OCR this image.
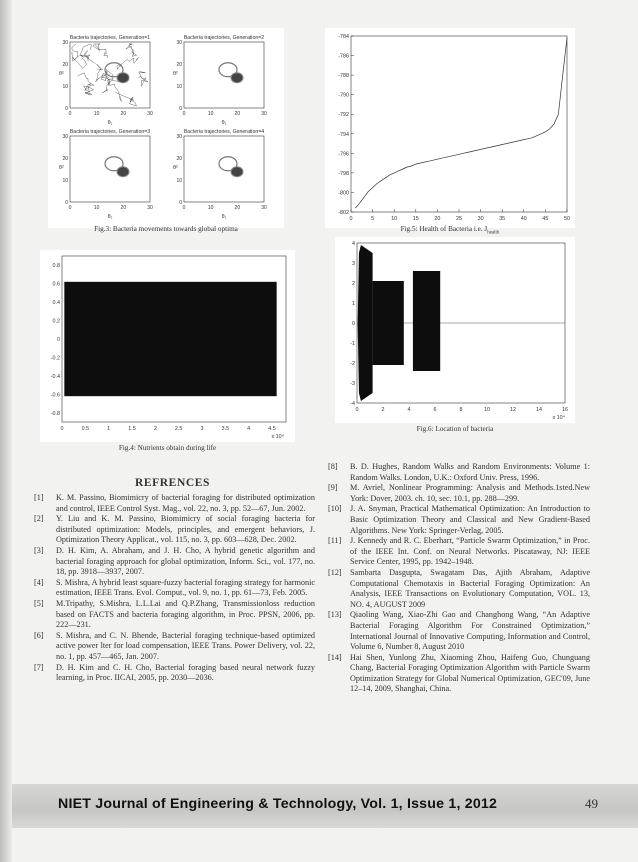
Bacteria trajectories, Generation=1
θ₁
θ²
0	10	20	30
30
20
10
0
Bacteria trajectories, Generation=2
θ₁
θ²
0	10	20	30
30
20
10
0
Bacteria trajectories, Generation=3
θ₁
θ²
0	10	20	30
30
20
10
0
Bacteria trajectories, Generation=4
θ₁
θ²
0	10	20	30
30
20
10
0
Fig.3: Bacteria movements towards global optima
0	5	10	15	20	25	30	35	40	45	50
-784
-786
-788
-790
-792
-794
-796
-798
-800
-802
Fig.5: Health of Bacteria i.e. $J_{health}$
0	0.5	1	1.5	2	2.5	3	3.5	4	4.5
0.8
0.6
0.4
0.2
0
-0.2
-0.4
-0.6
-0.8
x 10⁴
Fig.4: Nutrients obtain during life
0	2	4	6	8	10	12	14	16
4
3
2
1
0
-1
-2
-3
-4
x 10⁴
Fig.6: Location of bacteria
REFRENCES
[1] K. M. Passino, Biomimicry of bacterial foraging for distributed optimization and control, IEEE Control Syst. Mag., vol. 22, no. 3, pp. 52—67, Jun. 2002.
[2] Y. Liu and K. M. Passino, Biomimicry of social foraging bacteria for distributed optimization: Models, principles, and emergent behaviors, J. Optimization Theory Applicat., vol. 115, no. 3, pp. 603—628, Dec. 2002.
[3] D. H. Kim, A. Abraham, and J. H. Cho, A hybrid genetic algorithm and bacterial foraging approach for global optimization, Inform. Sci., vol. 177, no. 18, pp. 3918—3937, 2007.
[4] S. Mishra, A hybrid least square-fuzzy bacterial foraging strategy for harmonic estimation, IEEE Trans. Evol. Comput., vol. 9, no. 1, pp. 61—73, Feb. 2005.
[5] M.Tripathy, S.Mishra, L.L.Lai and Q.P.Zhang, Transmissionloss reduction based on FACTS and bacteria foraging algorithm, in Proc. PPSN, 2006, pp. 222—231.
[6] S. Mishra, and C. N. Bhende, Bacterial foraging technique-based optimized active power lter for load compensation, IEEE Trans. Power Delivery, vol. 22, no. 1, pp. 457—465, Jan. 2007.
[7] D. H. Kim and C. H. Cho, Bacterial foraging based neural network fuzzy learning, in Proc. IICAI, 2005, pp. 2030—2036.
[8] B. D. Hughes, Random Walks and Random Environments: Volume 1: Random Walks. London, U.K.: Oxford Univ. Press, 1996.
[9] M. Avriel, Nonlinear Programming: Analysis and Methods.1sted.New York: Dover, 2003. ch. 10, sec. 10.1, pp. 288—299.
[10] J. A. Snyman, Practical Mathematical Optimization: An Introduction to Basic Optimization Theory and Classical and New Gradient-Based Algorithms. New York: Springer-Verlag, 2005.
[11] J. Kennedy and R. C. Eberhart, “Particle Swarm Optimization,” in Proc. of the IEEE Int. Conf. on Neural Networks. Piscataway, NJ: IEEE Service Center, 1995, pp. 1942–1948.
[12] Sambarta Dasgupta, Swagatam Das, Ajith Abraham, Adaptive Computational Chemotaxis in Bacterial Foraging Optimization: An Analysis, IEEE Transactions on Evolutionary Computation, VOL. 13, NO. 4, AUGUST 2009
[13] Qiaoling Wang, Xiao-Zhi Gao and Changhong Wang, “An Adaptive Bacterial Foraging Algorithm For Constrained Optimization,” International Journal of Innovative Computing, Information and Control, Volume 6, Number 8, August 2010
[14] Hai Shen, Yunlong Zhu, Xiaoming Zhou, Haifeng Guo, Chunguang Chang, Bacterial Foraging Optimization Algorithm with Particle Swarm Optimization Strategy for Global Numerical Optimization, GEC'09, June 12–14, 2009, Shanghai, China.
NIET Journal of Engineering & Technology, Vol. 1, Issue 1, 2012	49
